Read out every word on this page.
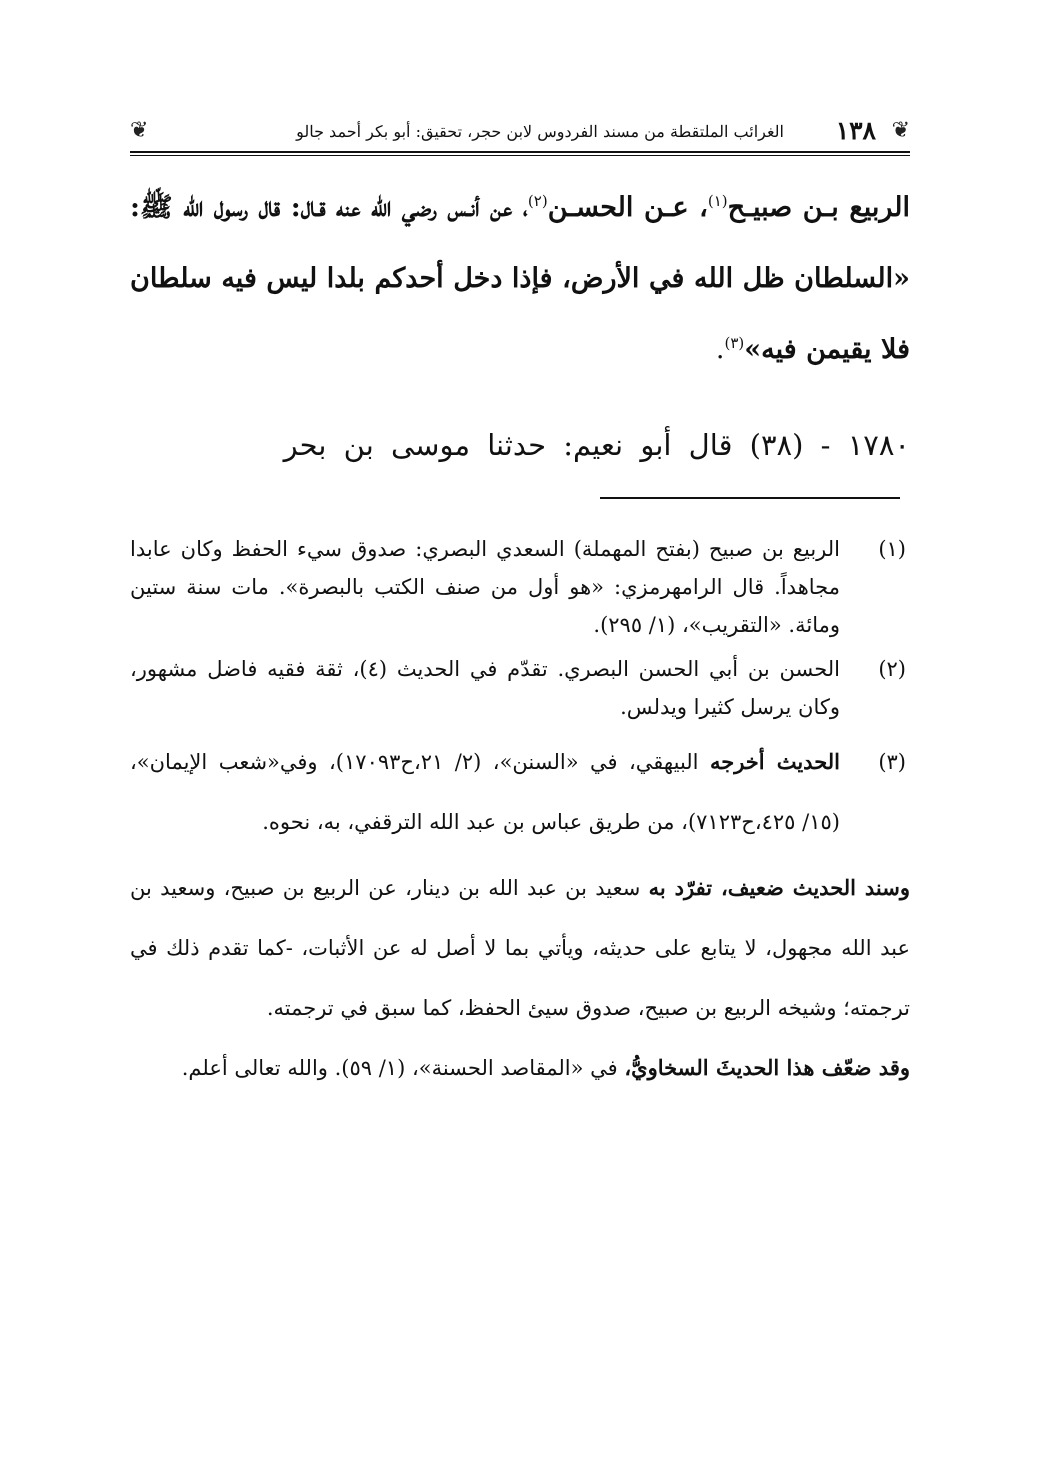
❦
١٣٨
الغرائب الملتقطة من مسند الفردوس لابن حجر، تحقيق: أبو بكر أحمد جالو
❦

الربيع بـن صبيـح$^{(١)}$، عـن الحسـن$^{(٢)}$، عن أنـس رضي الله عنه قـال: قال رسول الله ﷺ: «السلطان ظل الله في الأرض، فإذا دخل أحدكم بلدا ليس فيه سلطان فلا يقيمن فيه»$^{(٣)}$.

١٧٨٠ - (٣٨) قال أبو نعيم: حدثنا موسى بن بحر
(١)
الربيع بن صبيح (بفتح المهملة) السعدي البصري: صدوق سيء الحفظ وكان عابدا مجاهداً. قال الرامهرمزي: «هو أول من صنف الكتب بالبصرة». مات سنة ستين ومائة. «التقريب»، (١/ ٢٩٥).
(٢)
الحسن بن أبي الحسن البصري. تقدّم في الحديث (٤)، ثقة فقيه فاضل مشهور، وكان يرسل كثيرا ويدلس.
(٣)
الحديث أخرجه البيهقي، في «السنن»، (٢/ ٢١،ح١٧٠٩٣)، وفي«شعب الإيمان»، (١٥/ ٤٢٥،ح٧١٢٣)، من طريق عباس بن عبد الله الترقفي، به، نحوه.

وسند الحديث ضعيف، تفرّد به سعيد بن عبد الله بن دينار، عن الربيع بن صبيح، وسعيد بن عبد الله مجهول، لا يتابع على حديثه، ويأتي بما لا أصل له عن الأثبات، -كما تقدم ذلك في ترجمته؛ وشيخه الربيع بن صبيح، صدوق سيئ الحفظ، كما سبق في ترجمته.

وقد ضعّف هذا الحديثَ السخاويُّ، في «المقاصد الحسنة»، (١/ ٥٩). والله تعالى أعلم.
